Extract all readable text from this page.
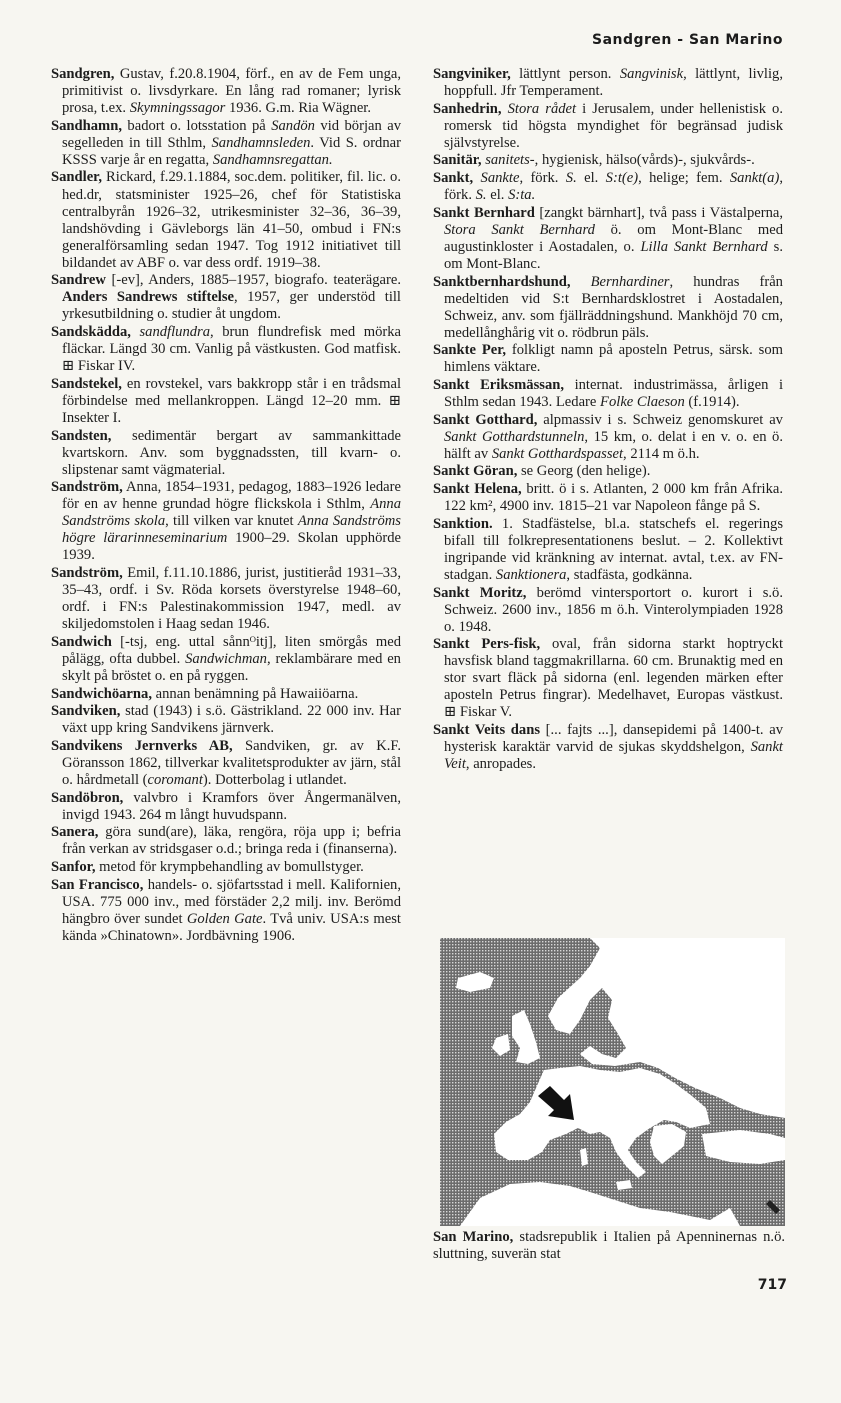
Sandgren - San Marino

Sandgren, Gustav, f.20.8.1904, förf., en av de Fem unga, primitivist o. livsdyrkare. En lång rad romaner; lyrisk prosa, t.ex. Skymningssagor 1936. G.m. Ria Wägner.

Sandhamn, badort o. lotsstation på Sandön vid början av segelleden in till Sthlm, Sandhamnsleden. Vid S. ordnar KSSS varje år en regatta, Sandhamnsregattan.

Sandler, Rickard, f.29.1.1884, soc.dem. politiker, fil. lic. o. hed.dr, statsminister 1925–26, chef för Statistiska centralbyrån 1926–32, utrikesminister 32–36, 36–39, landshövding i Gävleborgs län 41–50, ombud i FN:s generalförsamling sedan 1947. Tog 1912 initiativet till bildandet av ABF o. var dess ordf. 1919–38.

Sandrew [-ev], Anders, 1885–1957, biografo. teaterägare. Anders Sandrews stiftelse, 1957, ger understöd till yrkesutbildning o. studier åt ungdom.

Sandskädda, sandflundra, brun flundrefisk med mörka fläckar. Längd 30 cm. Vanlig på västkusten. God matfisk. ⊞ Fiskar IV.

Sandstekel, en rovstekel, vars bakkropp står i en trådsmal förbindelse med mellankroppen. Längd 12–20 mm. ⊞ Insekter I.

Sandsten, sedimentär bergart av sammankittade kvartskorn. Anv. som byggnadssten, till kvarn- o. slipstenar samt vägmaterial.

Sandström, Anna, 1854–1931, pedagog, 1883–1926 ledare för en av henne grundad högre flickskola i Sthlm, Anna Sandströms skola, till vilken var knutet Anna Sandströms högre lärarinneseminarium 1900–29. Skolan upphörde 1939.

Sandström, Emil, f.11.10.1886, jurist, justitieråd 1931–33, 35–43, ordf. i Sv. Röda korsets överstyrelse 1948–60, ordf. i FN:s Palestinakommission 1947, medl. av skiljedomstolen i Haag sedan 1946.

Sandwich [-tsj, eng. uttal sånnᴼitj], liten smörgås med pålägg, ofta dubbel. Sandwichman, reklambärare med en skylt på bröstet o. en på ryggen.

Sandwichöarna, annan benämning på Hawaiiöarna.

Sandviken, stad (1943) i s.ö. Gästrikland. 22 000 inv. Har växt upp kring Sandvikens järnverk.

Sandvikens Jernverks AB, Sandviken, gr. av K.F. Göransson 1862, tillverkar kvalitetsprodukter av järn, stål o. hårdmetall (coromant). Dotterbolag i utlandet.

Sandöbron, valvbro i Kramfors över Ångermanälven, invigd 1943. 264 m långt huvudspann.

Sanera, göra sund(are), läka, rengöra, röja upp i; befria från verkan av stridsgaser o.d.; bringa reda i (finanserna).

Sanfor, metod för krympbehandling av bomullstyger.

San Francisco, handels- o. sjöfartsstad i mell. Kalifornien, USA. 775 000 inv., med förstäder 2,2 milj. inv. Berömd hängbro över sundet Golden Gate. Två univ. USA:s mest kända »Chinatown». Jordbävning 1906.

Sangviniker, lättlynt person. Sangvinisk, lättlynt, livlig, hoppfull. Jfr Temperament.

Sanhedrin, Stora rådet i Jerusalem, under hellenistisk o. romersk tid högsta myndighet för begränsad judisk självstyrelse.

Sanitär, sanitets-, hygienisk, hälso(vårds)-, sjukvårds-.

Sankt, Sankte, förk. S. el. S:t(e), helige; fem. Sankt(a), förk. S. el. S:ta.

Sankt Bernhard [zangkt bärnhart], två pass i Västalperna, Stora Sankt Bernhard ö. om Mont-Blanc med augustinkloster i Aostadalen, o. Lilla Sankt Bernhard s. om Mont-Blanc.

Sanktbernhardshund, Bernhardiner, hundras från medeltiden vid S:t Bernhardsklostret i Aostadalen, Schweiz, anv. som fjällräddningshund. Mankhöjd 70 cm, medellånghårig vit o. rödbrun päls.

Sankte Per, folkligt namn på aposteln Petrus, särsk. som himlens väktare.

Sankt Eriksmässan, internat. industrimässa, årligen i Sthlm sedan 1943. Ledare Folke Claeson (f.1914).

Sankt Gotthard, alpmassiv i s. Schweiz genomskuret av Sankt Gotthardstunneln, 15 km, o. delat i en v. o. en ö. hälft av Sankt Gotthardspasset, 2114 m ö.h.

Sankt Göran, se Georg (den helige).

Sankt Helena, britt. ö i s. Atlanten, 2 000 km från Afrika. 122 km², 4900 inv. 1815–21 var Napoleon fånge på S.

Sanktion. 1. Stadfästelse, bl.a. statschefs el. regerings bifall till folkrepresentationens beslut. – 2. Kollektivt ingripande vid kränkning av internat. avtal, t.ex. av FN-stadgan. Sanktionera, stadfästa, godkänna.

Sankt Moritz, berömd vintersportort o. kurort i s.ö. Schweiz. 2600 inv., 1856 m ö.h. Vinterolympiaden 1928 o. 1948.

Sankt Pers-fisk, oval, från sidorna starkt hoptryckt havsfisk bland taggmakrillarna. 60 cm. Brunaktig med en stor svart fläck på sidorna (enl. legenden märken efter aposteln Petrus fingrar). Medelhavet, Europas västkust. ⊞ Fiskar V.

Sankt Veits dans [... fajts ...], dansepidemi på 1400-t. av hysterisk karaktär varvid de sjukas skyddshelgon, Sankt Veit, anropades.

San Marino, stadsrepublik i Italien på Apenninernas n.ö. sluttning, suverän stat
717
